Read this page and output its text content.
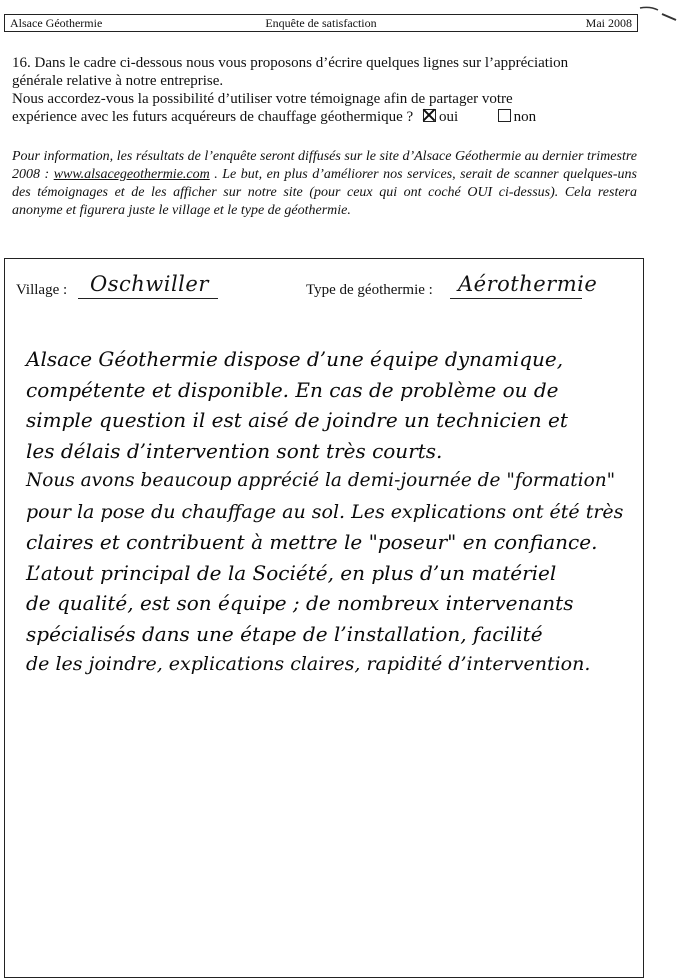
Alsace Géothermie	Enquête de satisfaction	Mai 2008

16. Dans le cadre ci-dessous nous vous proposons d’écrire quelques lignes sur l’appréciation

générale relative à notre entreprise.

Nous accordez-vous la possibilité d’utiliser votre témoignage afin de partager votre

expérience avec les futurs acquéreurs de chauffage géothermique ? oui	non

Pour information, les résultats de l’enquête seront diffusés sur le site d’Alsace Géothermie au dernier trimestre 2008 : www.alsacegeothermie.com . Le but, en plus d’améliorer nos services, serait de scanner quelques-uns des témoignages et de les afficher sur notre site (pour ceux qui ont coché OUI ci-dessus). Cela restera anonyme et figurera juste le village et le type de géothermie.

Village : Oschwiller	Type de géothermie : Aérothermie
Alsace Géothermie dispose d’une équipe dynamique,
compétente et disponible. En cas de problème ou de
simple question il est aisé de joindre un technicien et
les délais d’intervention sont très courts.
Nous avons beaucoup apprécié la demi-journée de "formation"
pour la pose du chauffage au sol. Les explications ont été très
claires et contribuent à mettre le "poseur" en confiance.
L’atout principal de la Société, en plus d’un matériel
de qualité, est son équipe ; de nombreux intervenants
spécialisés dans une étape de l’installation, facilité
de les joindre, explications claires, rapidité d’intervention.
